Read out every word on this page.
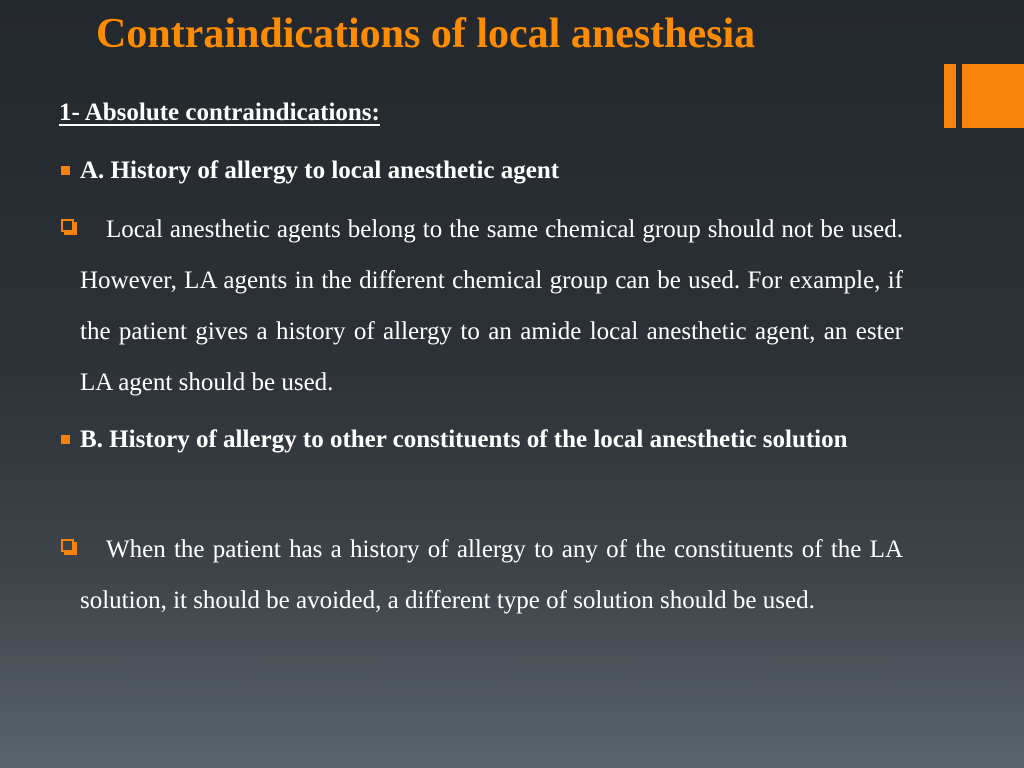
Contraindications of local anesthesia
1- Absolute contraindications:

A. History of allergy to local anesthetic agent

Local anesthetic agents belong to the same chemical group should not be used. However, LA agents in the different chemical group can be used. For example, if the patient gives a history of allergy to an amide local anesthetic agent, an ester LA agent should be used.

B. History of allergy to other constituents of the local anesthetic solution

When the patient has a history of allergy to any of the constituents of the LA solution, it should be avoided, a different type of solution should be used.
